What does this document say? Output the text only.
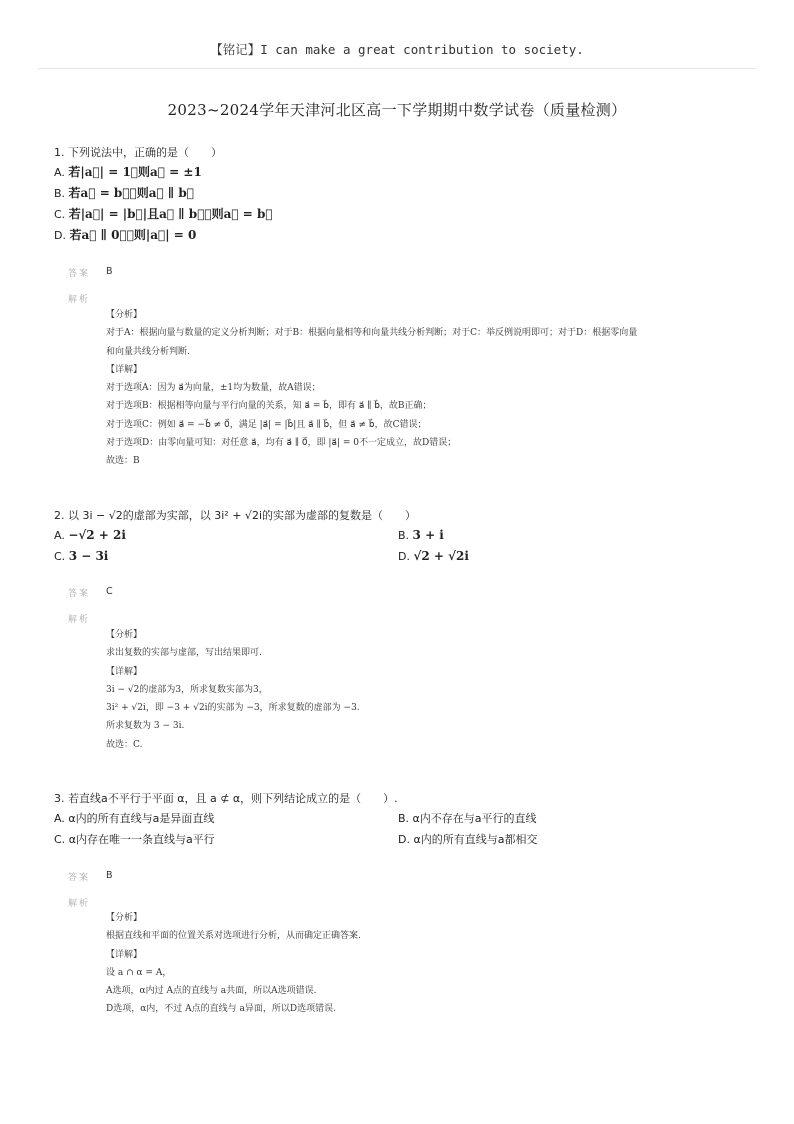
【铭记】I can make a great contribution to society.
2023~2024学年天津河北区高一下学期期中数学试卷（质量检测）
1. 下列说法中，正确的是（　　）
A. 若|a⃗| = 1，则a⃗ = ±1
B. 若a⃗ = b⃗，则a⃗ ∥ b⃗
C. 若|a⃗| = |b⃗|且a⃗ ∥ b⃗，则a⃗ = b⃗
D. 若a⃗ ∥ 0⃗，则|a⃗| = 0
答案 B
解析
【分析】
对于A：根据向量与数量的定义分析判断；对于B：根据向量相等和向量共线分析判断；对于C：举反例说明即可；对于D：根据零向量
和向量共线分析判断.
【详解】
对于选项A：因为 a⃗为向量，±1均为数量，故A错误；
对于选项B：根据相等向量与平行向量的关系，知 a⃗ = b⃗，即有 a⃗ ∥ b⃗，故B正确；
对于选项C：例如 a⃗ = −b⃗ ≠ 0⃗，满足 |a⃗| = |b⃗|且 a⃗ ∥ b⃗，但 a⃗ ≠ b⃗，故C错误；
对于选项D：由零向量可知：对任意 a⃗，均有 a⃗ ∥ 0⃗，即 |a⃗| = 0不一定成立，故D错误；
故选：B
2. 以 3i − √2的虚部为实部，以 3i² + √2i的实部为虚部的复数是（　　）
A. −√2 + 2i	B. 3 + i
C. 3 − 3i	D. √2 + √2i
答案 C
解析
【分析】
求出复数的实部与虚部，写出结果即可.
【详解】
3i − √2的虚部为3，所求复数实部为3，
3i² + √2i，即 −3 + √2i的实部为 −3，所求复数的虚部为 −3.
所求复数为 3 − 3i.
故选：C.
3. 若直线a不平行于平面 α，且 a ⊄ α，则下列结论成立的是（　　）.
A. α内的所有直线与a是异面直线	B. α内不存在与a平行的直线
C. α内存在唯一一条直线与a平行	D. α内的所有直线与a都相交
答案 B
解析
【分析】
根据直线和平面的位置关系对选项进行分析，从而确定正确答案.
【详解】
设 a ∩ α = A，
A选项，α内过 A点的直线与 a共面，所以A选项错误.
D选项，α内，不过 A点的直线与 a异面，所以D选项错误.
